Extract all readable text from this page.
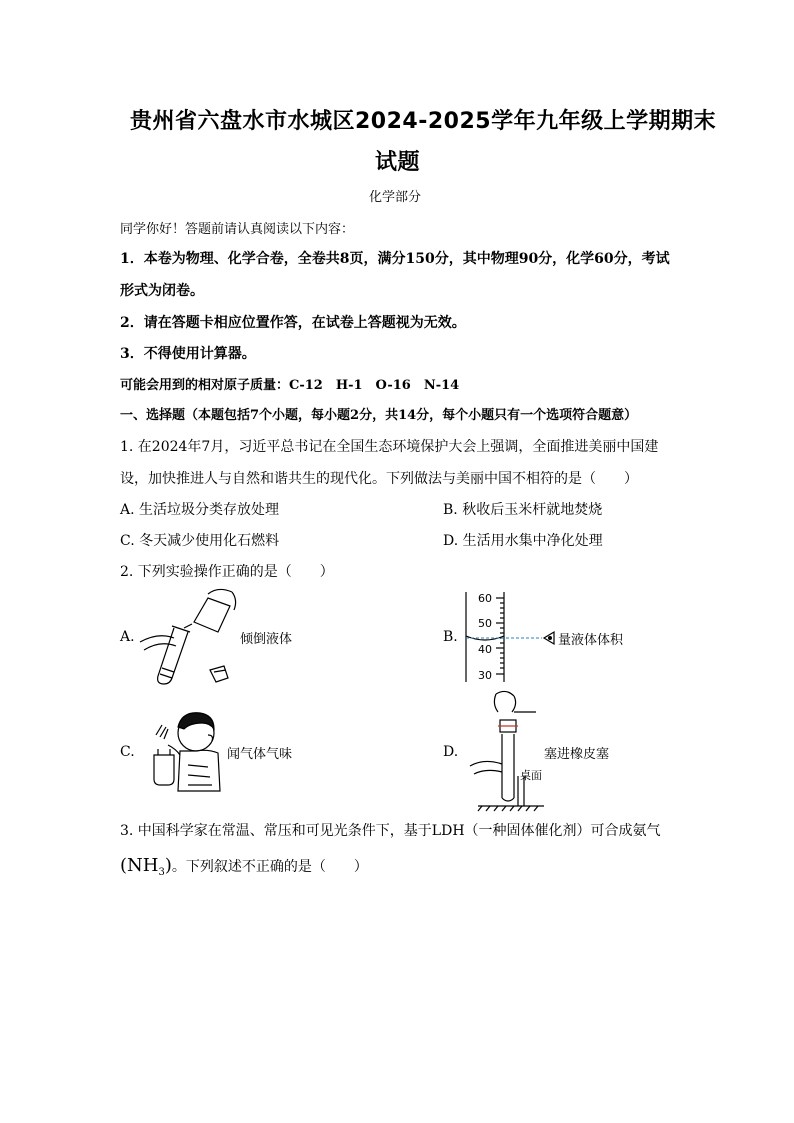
贵州省六盘水市水城区2024-2025学年九年级上学期期末
试题
化学部分
同学你好！答题前请认真阅读以下内容：
1．本卷为物理、化学合卷，全卷共8页，满分150分，其中物理90分，化学60分，考试
形式为闭卷。
2．请在答题卡相应位置作答，在试卷上答题视为无效。
3．不得使用计算器。
可能会用到的相对原子质量：C-12　H-1　O-16　N-14
一、选择题（本题包括7个小题，每小题2分，共14分，每个小题只有一个选项符合题意）
1. 在2024年7月，习近平总书记在全国生态环境保护大会上强调，全面推进美丽中国建
设，加快推进人与自然和谐共生的现代化。下列做法与美丽中国不相符的是（　　）
A. 生活垃圾分类存放处理	B. 秋收后玉米杆就地焚烧
C. 冬天减少使用化石燃料	D. 生活用水集中净化处理
2. 下列实验操作正确的是（　　）
A.	倾倒液体	B.
60
50
40
30
量液体体积
C.	闻气体气味	D.	塞进橡皮塞
桌面
3. 中国科学家在常温、常压和可见光条件下，基于LDH（一种固体催化剂）可合成氨气
$(NH_3)$。下列叙述不正确的是（　　）
